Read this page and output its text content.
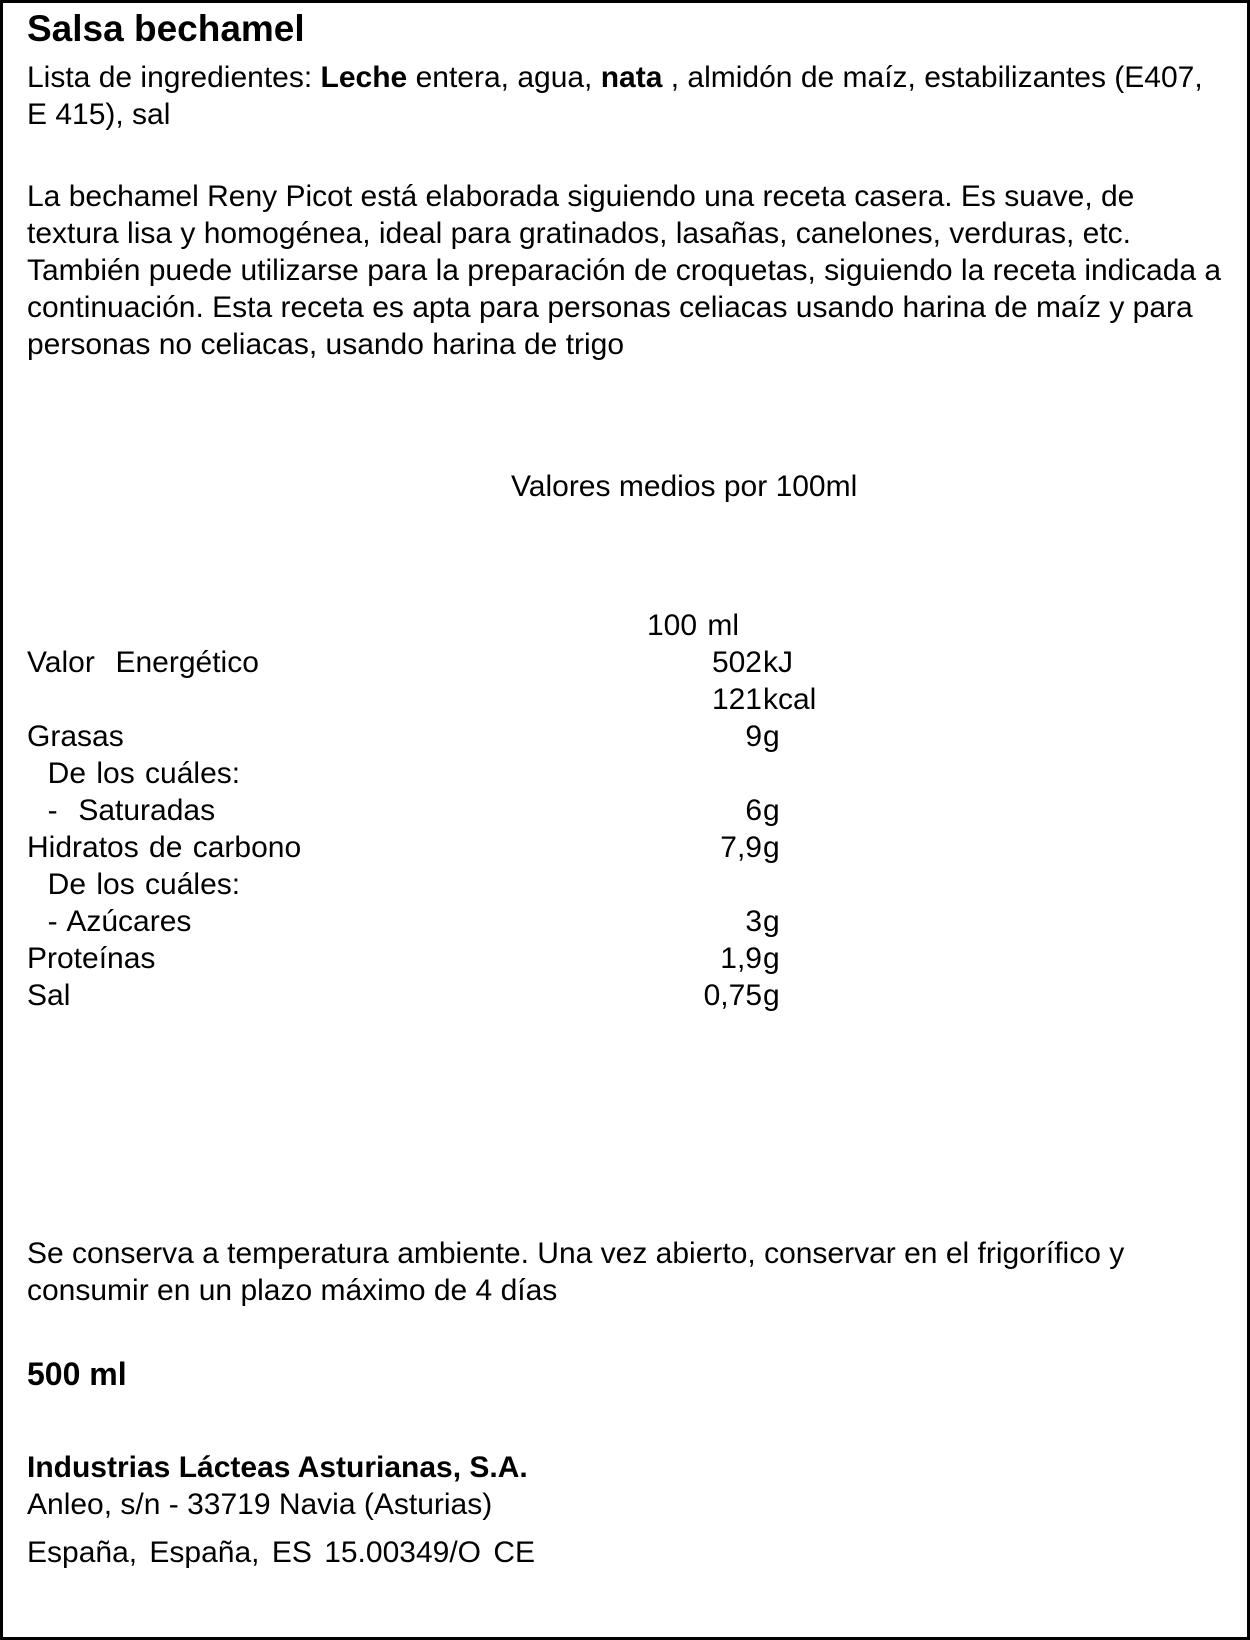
Salsa bechamel
Lista de ingredientes: Leche entera, agua, nata , almidón de maíz, estabilizantes (E407, E 415), sal
La bechamel Reny Picot está elaborada siguiendo una receta casera. Es suave, de textura lisa y homogénea, ideal para gratinados, lasañas, canelones, verduras, etc. También puede utilizarse para la preparación de croquetas, siguiendo la receta indicada a continuación. Esta receta es apta para personas celiacas usando harina de maíz y para personas no celiacas, usando harina de trigo
Valores medios por 100ml
100 ml
Valor  Energético	502 kJ
121 kcal
Grasas	9 g
De los cuáles:
-  Saturadas	6 g
Hidratos de carbono	7,9 g
De los cuáles:
- Azúcares	3 g
Proteínas	1,9 g
Sal	0,75 g
Se conserva a temperatura ambiente. Una vez abierto, conservar en el frigorífico y consumir en un plazo máximo de 4 días
500 ml
Industrias Lácteas Asturianas, S.A.
Anleo, s/n - 33719 Navia (Asturias)
España, España, ES 15.00349/O CE
